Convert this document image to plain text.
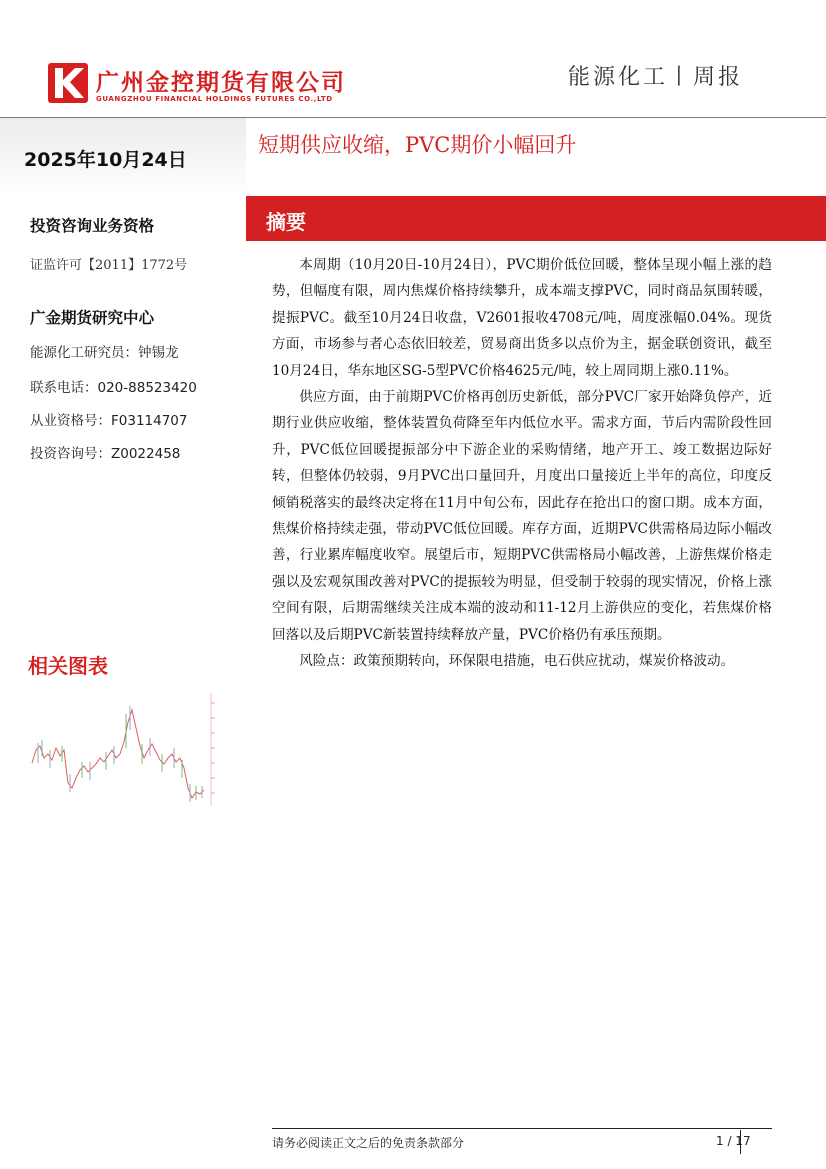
广州金控期货有限公司
GUANGZHOU FINANCIAL HOLDINGS FUTURES CO.,LTD
能源化工丨周报
2025年10月24日
投资咨询业务资格
证监许可【2011】1772号
广金期货研究中心
能源化工研究员：钟锡龙
联系电话：020-88523420
从业资格号：F03114707
投资咨询号：Z0022458
相关图表
短期供应收缩，PVC期价小幅回升
摘要

本周期（10月20日-10月24日），PVC期价低位回暖，整体呈现小幅上涨的趋势，但幅度有限，周内焦煤价格持续攀升，成本端支撑PVC，同时商品氛围转暖，提振PVC。截至10月24日收盘，V2601报收4708元/吨，周度涨幅0.04%。现货方面，市场参与者心态依旧较差，贸易商出货多以点价为主，据金联创资讯，截至10月24日，华东地区SG-5型PVC价格4625元/吨，较上周同期上涨0.11%。

供应方面，由于前期PVC价格再创历史新低，部分PVC厂家开始降负停产，近期行业供应收缩，整体装置负荷降至年内低位水平。需求方面，节后内需阶段性回升，PVC低位回暖提振部分中下游企业的采购情绪，地产开工、竣工数据边际好转，但整体仍较弱，9月PVC出口量回升，月度出口量接近上半年的高位，印度反倾销税落实的最终决定将在11月中旬公布，因此存在抢出口的窗口期。成本方面，焦煤价格持续走强，带动PVC低位回暖。库存方面，近期PVC供需格局边际小幅改善，行业累库幅度收窄。展望后市，短期PVC供需格局小幅改善，上游焦煤价格走强以及宏观氛围改善对PVC的提振较为明显，但受制于较弱的现实情况，价格上涨空间有限，后期需继续关注成本端的波动和11-12月上游供应的变化，若焦煤价格回落以及后期PVC新装置持续释放产量，PVC价格仍有承压预期。

风险点：政策预期转向，环保限电措施，电石供应扰动，煤炭价格波动。

请务必阅读正文之后的免责条款部分	1 / 17
